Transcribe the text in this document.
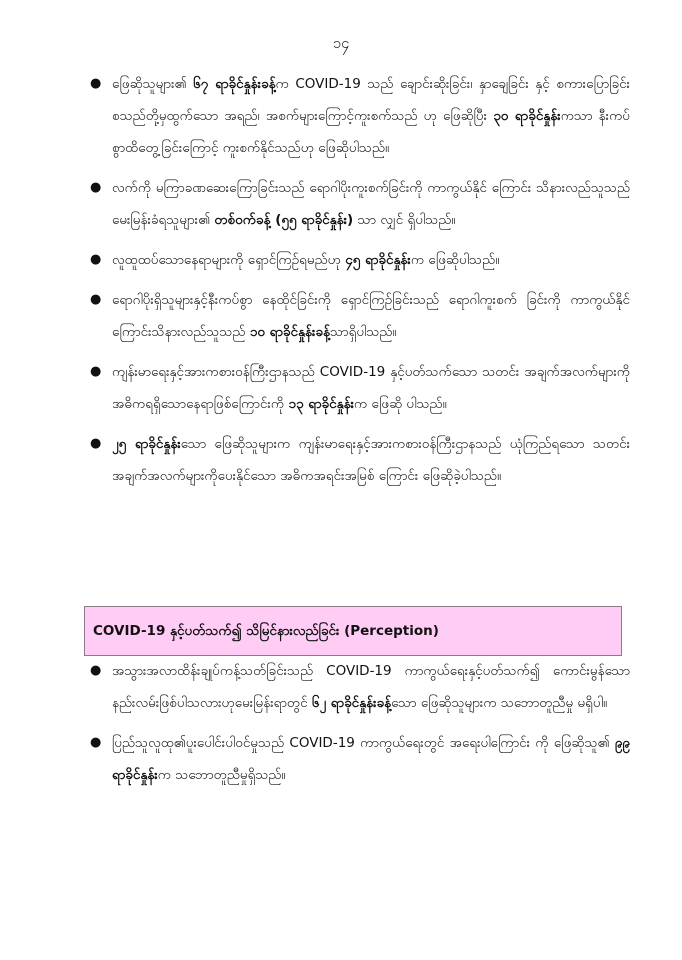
၁၄
● ဖြေဆိုသူများ၏ ၆၇ ရာခိုင်နှုန်းခန့်က COVID-19 သည် ချောင်းဆိုးခြင်း၊ နှာချေခြင်း နှင့် စကားပြောခြင်း စသည်တို့မှထွက်သော အရည်၊ အစက်များကြောင့်ကူးစက်သည် ဟု ဖြေဆိုပြီး ၃၀ ရာခိုင်နှုန်းကသာ နီးကပ်စွာထိတွေ့ခြင်းကြောင့် ကူးစက်နိုင်သည်ဟု ဖြေဆိုပါသည်။
● လက်ကို မကြာခဏဆေးကြောခြင်းသည် ရောဂါပိုးကူးစက်ခြင်းကို ကာကွယ်နိုင် ကြောင်း သိနားလည်သူသည် မေးမြန်းခံရသူများ၏ တစ်ဝက်ခန့် (၅၅ ရာခိုင်နှုန်း) သာ လျှင် ရှိပါသည်။
● လူထူထပ်သောနေရာများကို ရှောင်ကြဉ်ရမည်ဟု ၄၅ ရာခိုင်နှုန်းက ဖြေဆိုပါသည်။
● ရောဂါပိုးရှိသူများနှင့်နီးကပ်စွာ နေထိုင်ခြင်းကို ရှောင်ကြဉ်ခြင်းသည် ရောဂါကူးစက် ခြင်းကို ကာကွယ်နိုင်ကြောင်းသိနားလည်သူသည် ၁၀ ရာခိုင်နှုန်းခန့်သာရှိပါသည်။
● ကျန်းမာရေးနှင့်အားကစားဝန်ကြီးဌာနသည် COVID-19 နှင့်ပတ်သက်သော သတင်း အချက်အလက်များကို အဓိကရရှိသောနေရာဖြစ်ကြောင်းကို ၁၃ ရာခိုင်နှုန်းက ဖြေဆို ပါသည်။
● ၂၅ ရာခိုင်နှုန်းသော ဖြေဆိုသူများက ကျန်းမာရေးနှင့်အားကစားဝန်ကြီးဌာနသည် ယုံကြည်ရသော သတင်းအချက်အလက်များကိုပေးနိုင်သော အဓိကအရင်းအမြစ် ကြောင်း ဖြေဆိုခဲ့ပါသည်။
COVID-19 နှင့်ပတ်သက်၍ သိမြင်နားလည်ခြင်း (Perception)
● အသွားအလာထိန်းချုပ်ကန့်သတ်ခြင်းသည် COVID-19 ကာကွယ်ရေးနှင့်ပတ်သက်၍ ကောင်းမွန်သော နည်းလမ်းဖြစ်ပါသလားဟုမေးမြန်းရာတွင် ၆၂ ရာခိုင်နှုန်းခန့်သော ဖြေဆိုသူများက သဘောတူညီမှု မရှိပါ။
● ပြည်သူလူထု၏ပူးပေါင်းပါဝင်မှုသည် COVID-19 ကာကွယ်ရေးတွင် အရေးပါကြောင်း ကို ဖြေဆိုသူ၏ ၉၉ ရာခိုင်နှုန်းက သဘောတူညီမှုရှိသည်။
